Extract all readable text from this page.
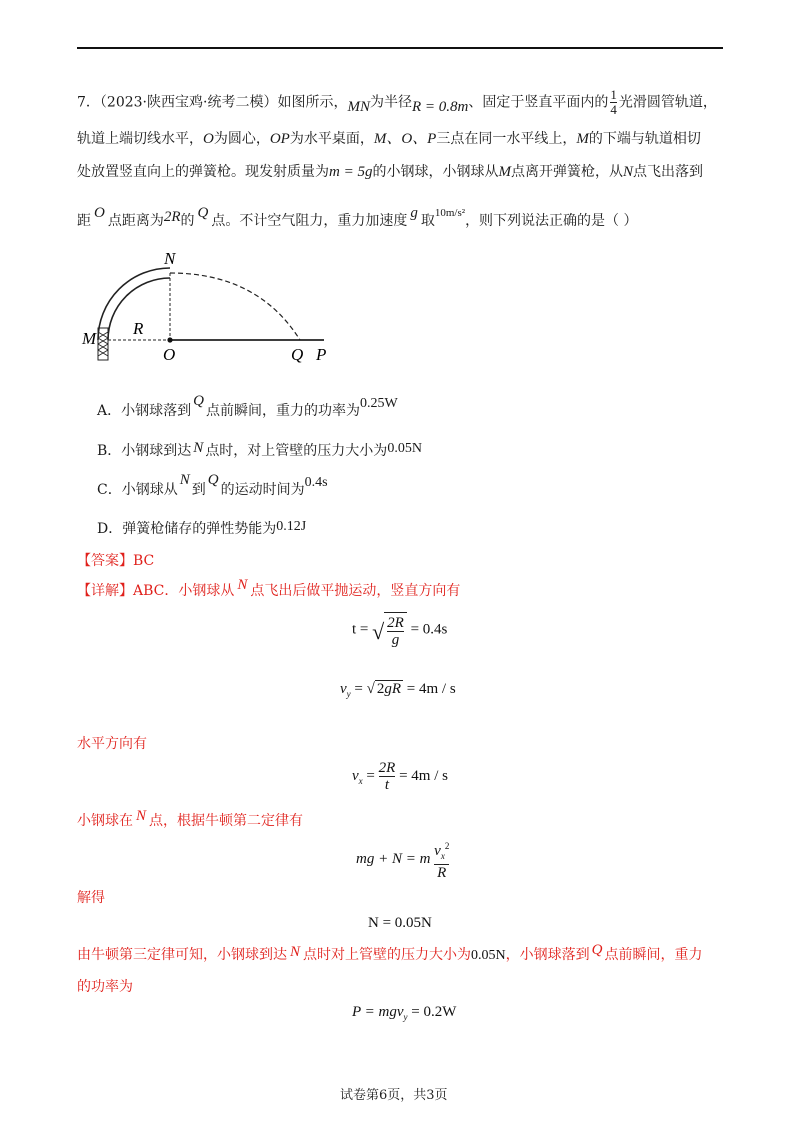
7．（2023·陕西宝鸡·统考二模）如图所示，MN为半径R = 0.8m、固定于竖直平面内的 $\frac{1}{4}$ 光滑圆管轨道，
轨道上端切线水平，O为圆心，OP为水平桌面，M、O、P三点在同一水平线上，M的下端与轨道相切
处放置竖直向上的弹簧枪。现发射质量为m = 5g的小钢球，小钢球从M点离开弹簧枪，从N点飞出落到
距 O 点距离为2R的 Q 点。不计空气阻力，重力加速度 g 取$^{10m/s^2}$，则下列说法正确的是（ ）
N
M
R
O	Q P
A．小钢球落到Q点前瞬间，重力的功率为0.25W
B．小钢球到达 N 点时，对上管壁的压力大小为0.05N
C．小钢球从N到Q的运动时间为0.4s
D．弹簧枪储存的弹性势能为0.12J
【答案】BC
【详解】ABC．小钢球从 N 点飞出后做平抛运动，竖直方向有
t = √ $\frac{2R}{g} = 0.4s$
$v_y$ = √ 2gR = 4m / s
水平方向有
$v_x = \frac{2R}{t} = 4m / s$
小钢球在 N 点，根据牛顿第二定律有
mg + N = m $\frac{v_x^2}{R}$
解得
N = 0.05N
由牛顿第三定律可知，小钢球到达 N 点时对上管壁的压力大小为0.05N，小钢球落到 Q 点前瞬间，重力
的功率为
P = mgv$_y$ = 0.2W
试卷第6页，共3页
